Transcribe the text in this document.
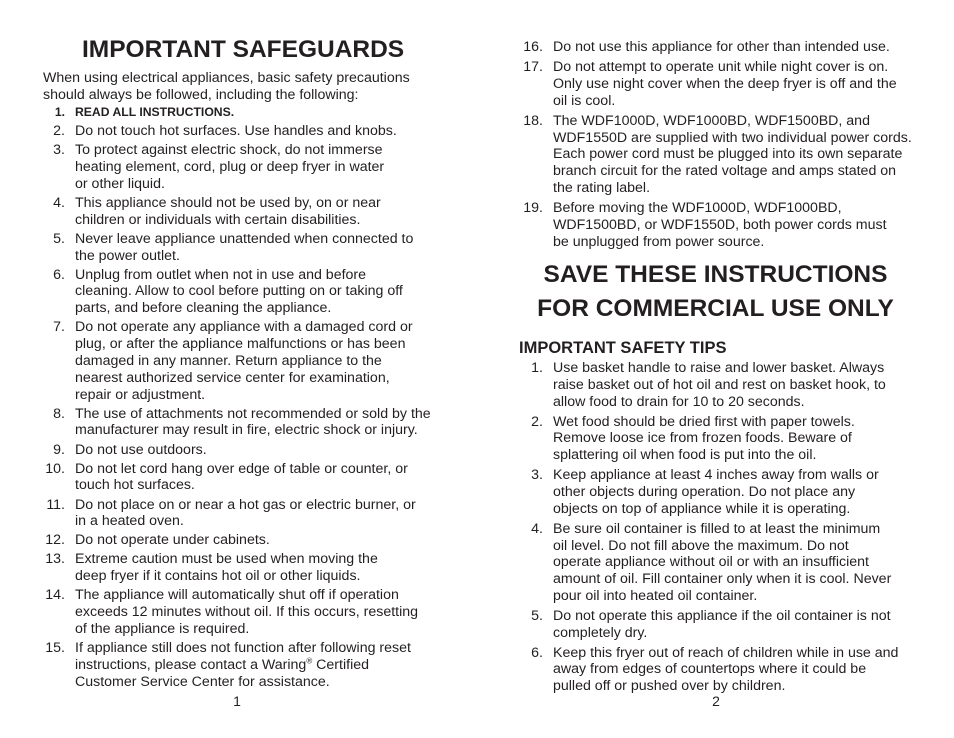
IMPORTANT SAFEGUARDS

When using electrical appliances, basic safety precautions should always be followed, including the following:

1. READ ALL INSTRUCTIONS.
2. Do not touch hot surfaces. Use handles and knobs.
3. To protect against electric shock, do not immerse
heating element, cord, plug or deep fryer in water
or other liquid.
4. This appliance should not be used by, on or near
children or individuals with certain disabilities.
5. Never leave appliance unattended when connected to
the power outlet.
6. Unplug from outlet when not in use and before
cleaning. Allow to cool before putting on or taking off
parts, and before cleaning the appliance.
7. Do not operate any appliance with a damaged cord or
plug, or after the appliance malfunctions or has been
damaged in any manner. Return appliance to the
nearest authorized service center for examination,
repair or adjustment.
8. The use of attachments not recommended or sold by the
manufacturer may result in fire, electric shock or injury.
9. Do not use outdoors.
10. Do not let cord hang over edge of table or counter, or
touch hot surfaces.
11. Do not place on or near a hot gas or electric burner, or
in a heated oven.
12. Do not operate under cabinets.
13. Extreme caution must be used when moving the
deep fryer if it contains hot oil or other liquids.
14. The appliance will automatically shut off if operation
exceeds 12 minutes without oil. If this occurs, resetting
of the appliance is required.
15. If appliance still does not function after following reset
instructions, please contact a Waring® Certified
Customer Service Center for assistance.
1
16. Do not use this appliance for other than intended use.
17. Do not attempt to operate unit while night cover is on.
Only use night cover when the deep fryer is off and the
oil is cool.
18. The WDF1000D, WDF1000BD, WDF1500BD, and
WDF1550D are supplied with two individual power cords.
Each power cord must be plugged into its own separate
branch circuit for the rated voltage and amps stated on
the rating label.
19. Before moving the WDF1000D, WDF1000BD,
WDF1500BD, or WDF1550D, both power cords must
be unplugged from power source.
SAVE THESE INSTRUCTIONS
FOR COMMERCIAL USE ONLY
IMPORTANT SAFETY TIPS
1. Use basket handle to raise and lower basket. Always
raise basket out of hot oil and rest on basket hook, to
allow food to drain for 10 to 20 seconds.
2. Wet food should be dried first with paper towels.
Remove loose ice from frozen foods. Beware of
splattering oil when food is put into the oil.
3. Keep appliance at least 4 inches away from walls or
other objects during operation. Do not place any
objects on top of appliance while it is operating.
4. Be sure oil container is filled to at least the minimum
oil level. Do not fill above the maximum. Do not
operate appliance without oil or with an insufficient
amount of oil. Fill container only when it is cool. Never
pour oil into heated oil container.
5. Do not operate this appliance if the oil container is not
completely dry.
6. Keep this fryer out of reach of children while in use and
away from edges of countertops where it could be
pulled off or pushed over by children.
2
